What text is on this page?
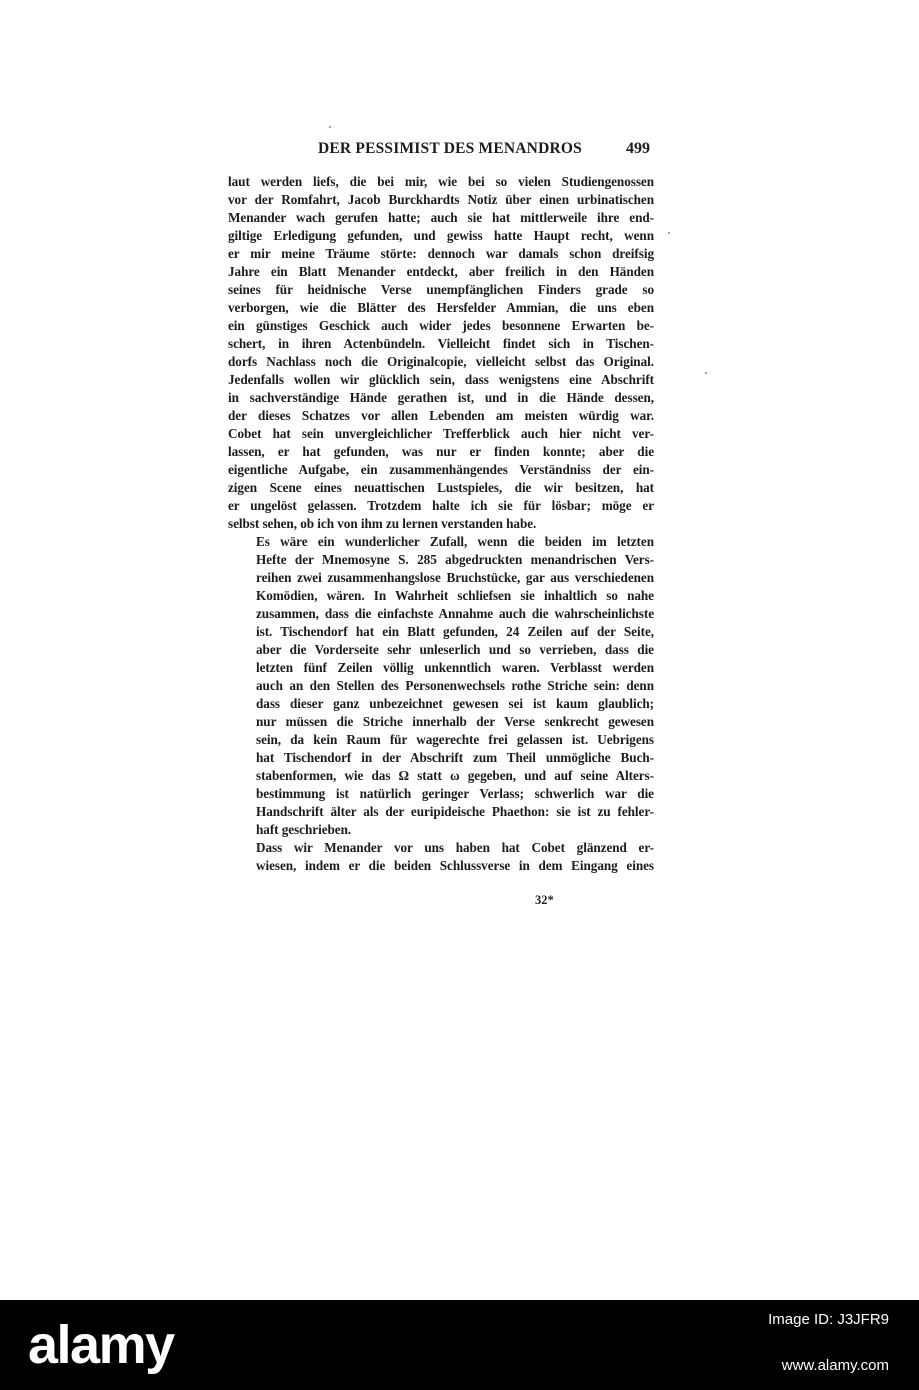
DER PESSIMIST DES MENANDROS	499
laut werden liefs, die bei mir, wie bei so vielen Studiengenossen
vor der Romfahrt, Jacob Burckhardts Notiz über einen urbinatischen
Menander wach gerufen hatte; auch sie hat mittlerweile ihre end-
giltige Erledigung gefunden, und gewiss hatte Haupt recht, wenn
er mir meine Träume störte: dennoch war damals schon dreifsig
Jahre ein Blatt Menander entdeckt, aber freilich in den Händen
seines für heidnische Verse unempfänglichen Finders grade so
verborgen, wie die Blätter des Hersfelder Ammian, die uns eben
ein günstiges Geschick auch wider jedes besonnene Erwarten be-
schert, in ihren Actenbündeln. Vielleicht findet sich in Tischen-
dorfs Nachlass noch die Originalcopie, vielleicht selbst das Original.
Jedenfalls wollen wir glücklich sein, dass wenigstens eine Abschrift
in sachverständige Hände gerathen ist, und in die Hände dessen,
der dieses Schatzes vor allen Lebenden am meisten würdig war.
Cobet hat sein unvergleichlicher Trefferblick auch hier nicht ver-
lassen, er hat gefunden, was nur er finden konnte; aber die
eigentliche Aufgabe, ein zusammenhängendes Verständniss der ein-
zigen Scene eines neuattischen Lustspieles, die wir besitzen, hat
er ungelöst gelassen. Trotzdem halte ich sie für lösbar; möge er
selbst sehen, ob ich von ihm zu lernen verstanden habe.
Es wäre ein wunderlicher Zufall, wenn die beiden im letzten
Hefte der Mnemosyne S. 285 abgedruckten menandrischen Vers-
reihen zwei zusammenhangslose Bruchstücke, gar aus verschiedenen
Komödien, wären. In Wahrheit schliefsen sie inhaltlich so nahe
zusammen, dass die einfachste Annahme auch die wahrscheinlichste
ist. Tischendorf hat ein Blatt gefunden, 24 Zeilen auf der Seite,
aber die Vorderseite sehr unleserlich und so verrieben, dass die
letzten fünf Zeilen völlig unkenntlich waren. Verblasst werden
auch an den Stellen des Personenwechsels rothe Striche sein: denn
dass dieser ganz unbezeichnet gewesen sei ist kaum glaublich;
nur müssen die Striche innerhalb der Verse senkrecht gewesen
sein, da kein Raum für wagerechte frei gelassen ist. Uebrigens
hat Tischendorf in der Abschrift zum Theil unmögliche Buch-
stabenformen, wie das Ω statt ω gegeben, und auf seine Alters-
bestimmung ist natürlich geringer Verlass; schwerlich war die
Handschrift älter als der euripideische Phaethon: sie ist zu fehler-
haft geschrieben.
Dass wir Menander vor uns haben hat Cobet glänzend er-
wiesen, indem er die beiden Schlussverse in dem Eingang eines
32*
alamy	Image ID: J3JFR9
www.alamy.com
